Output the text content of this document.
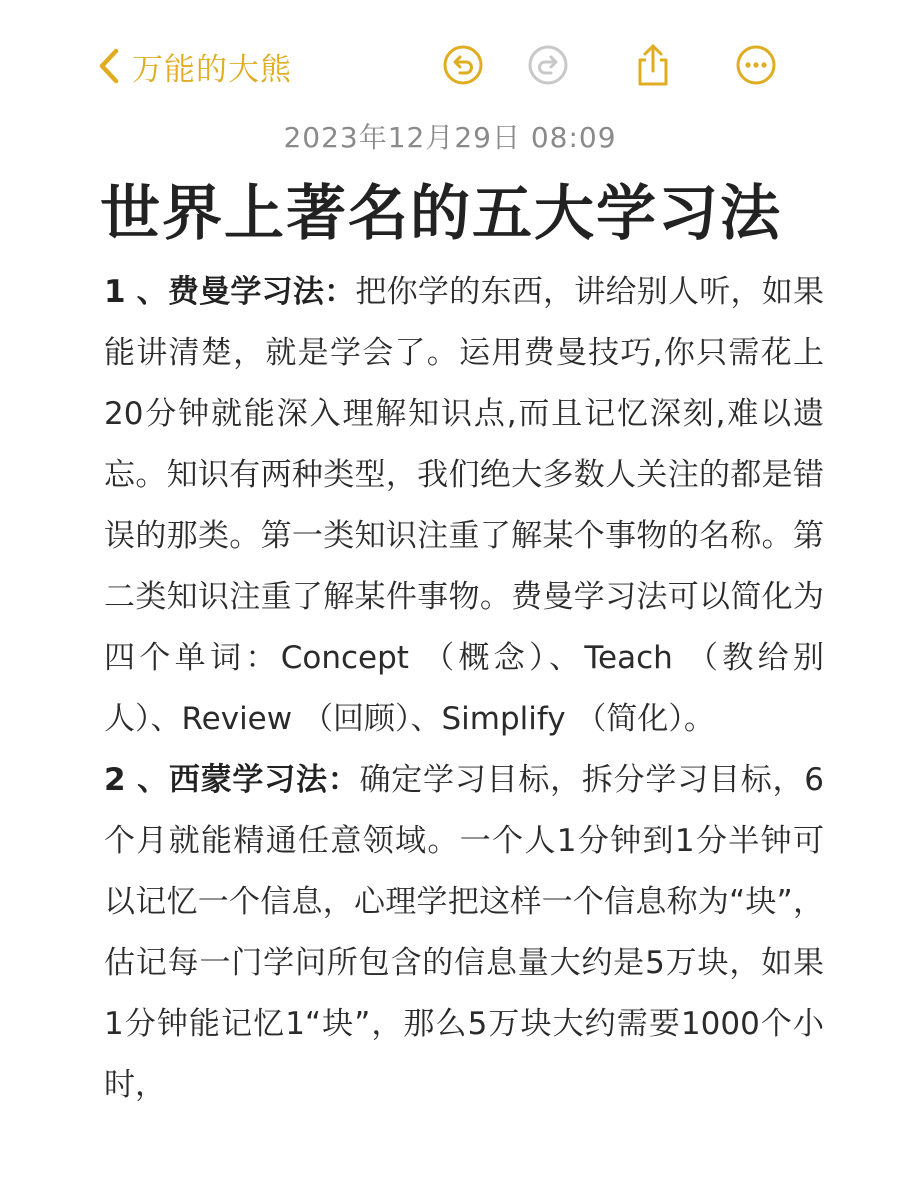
万能的大熊
2023年12月29日 08:09
世界上著名的五大学习法

1 、费曼学习法：把你学的东西，讲给别人听，如果能讲清楚，就是学会了。运用费曼技巧,你只需花上20分钟就能深入理解知识点,而且记忆深刻,难以遗忘。知识有两种类型，我们绝大多数人关注的都是错误的那类。第一类知识注重了解某个事物的名称。第二类知识注重了解某件事物。费曼学习法可以简化为四个单词：Concept （概念）、Teach （教给别人）、Review （回顾）、Simplify （简化）。

2 、西蒙学习法：确定学习目标，拆分学习目标，6个月就能精通任意领域。一个人1分钟到1分半钟可以记忆一个信息，心理学把这样一个信息称为“块”，估记每一门学问所包含的信息量大约是5万块，如果1分钟能记忆1“块”，那么5万块大约需要1000个小时，
